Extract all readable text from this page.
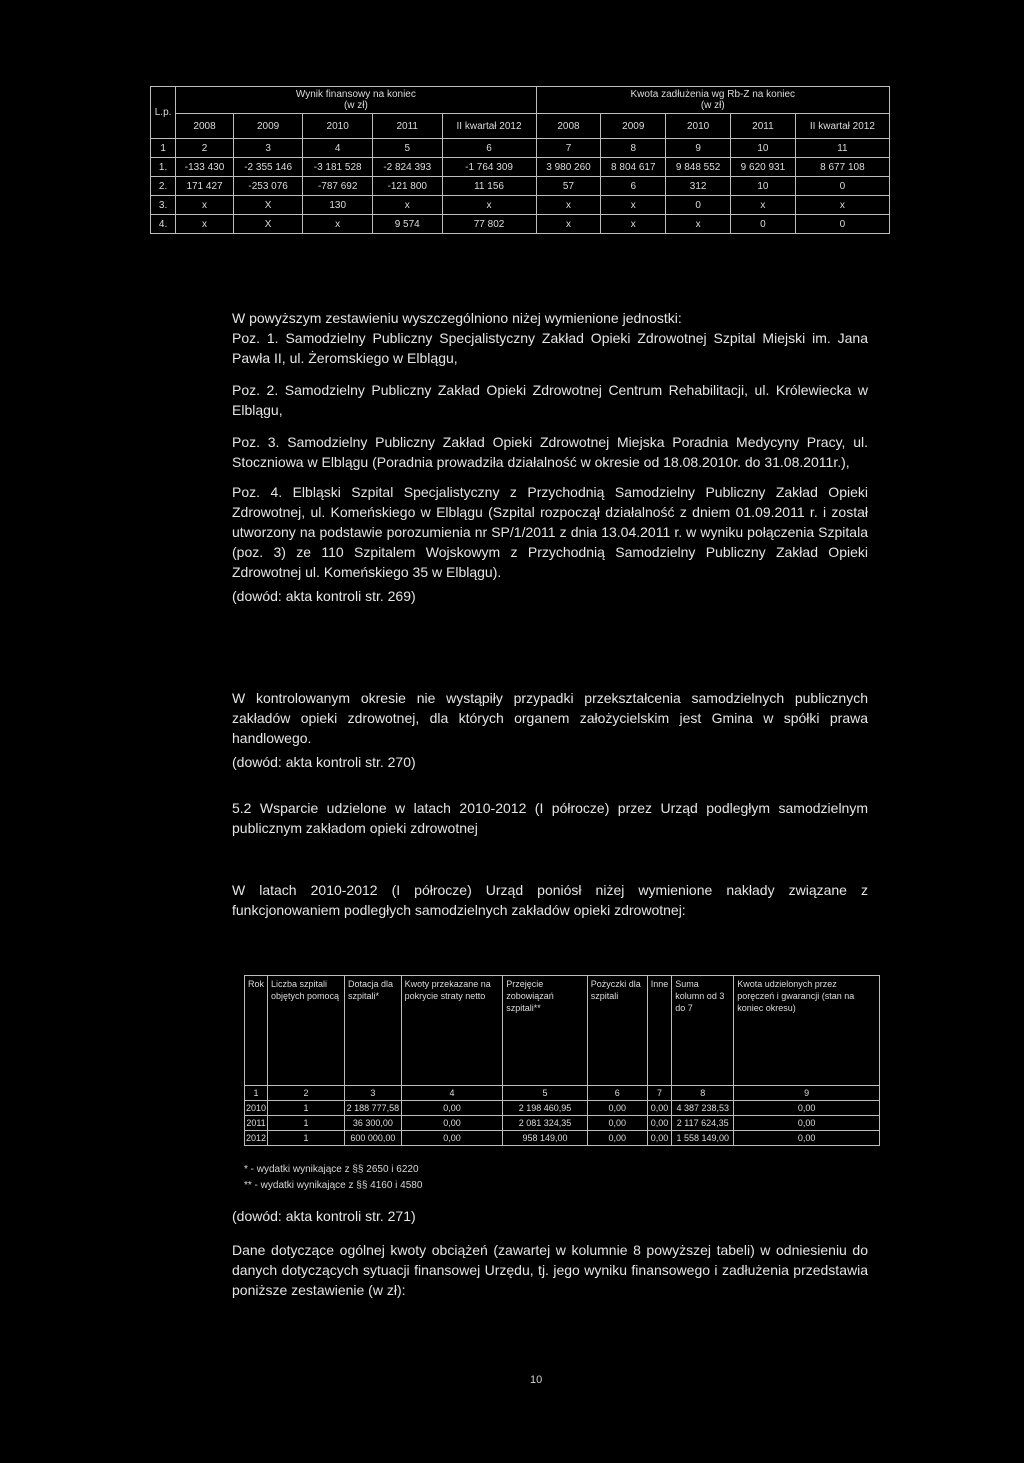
L.p.	Wynik finansowy na koniec
(w zł)					Kwota zadłużenia wg Rb-Z na koniec
(w zł)				
	2008	2009	2010	2011	II kwartał 2012	2008	2009	2010	2011	II kwartał 2012
1	2	3	4	5	6	7	8	9	10	11
1.	-133 430	-2 355 146	-3 181 528	-2 824 393	-1 764 309	3 980 260	8 804 617	9 848 552	9 620 931	8 677 108
2.	171 427	-253 076	-787 692	-121 800	11 156	57	6	312	10	0
3.	x	X	130	x	x	x	x	0	x	x
4.	x	X	x	9 574	77 802	x	x	x	0	0

W powyższym zestawieniu wyszczególniono niżej wymienione jednostki:

Poz. 1. Samodzielny Publiczny Specjalistyczny Zakład Opieki Zdrowotnej Szpital Miejski im. Jana Pawła II, ul. Żeromskiego w Elblągu,

Poz. 2. Samodzielny Publiczny Zakład Opieki Zdrowotnej Centrum Rehabilitacji, ul. Królewiecka w Elblągu,

Poz. 3. Samodzielny Publiczny Zakład Opieki Zdrowotnej Miejska Poradnia Medycyny Pracy, ul. Stoczniowa w Elblągu (Poradnia prowadziła działalność w okresie od 18.08.2010r. do 31.08.2011r.),

Poz. 4. Elbląski Szpital Specjalistyczny z Przychodnią Samodzielny Publiczny Zakład Opieki Zdrowotnej, ul. Komeńskiego w Elblągu (Szpital rozpoczął działalność z dniem 01.09.2011 r. i został utworzony na podstawie porozumienia nr SP/1/2011 z dnia 13.04.2011 r. w wyniku połączenia Szpitala (poz. 3) ze 110 Szpitalem Wojskowym z Przychodnią Samodzielny Publiczny Zakład Opieki Zdrowotnej ul. Komeńskiego 35 w Elblągu).

(dowód: akta kontroli str. 269)

W kontrolowanym okresie nie wystąpiły przypadki przekształcenia samodzielnych publicznych zakładów opieki zdrowotnej, dla których organem założycielskim jest Gmina w spółki prawa handlowego.

(dowód: akta kontroli str. 270)

5.2 Wsparcie udzielone w latach 2010-2012 (I półrocze) przez Urząd podległym samodzielnym publicznym zakładom opieki zdrowotnej

W latach 2010-2012 (I półrocze) Urząd poniósł niżej wymienione nakłady związane z funkcjonowaniem podległych samodzielnych zakładów opieki zdrowotnej:

Rok	Liczba szpitali objętych pomocą	Dotacja dla szpitali*	Kwoty przekazane na pokrycie straty netto	Przejęcie zobowiązań szpitali**	Pożyczki dla szpitali	Inne	Suma kolumn od 3 do 7	Kwota udzielonych przez poręczeń i gwarancji (stan na koniec okresu)
1	2	3	4	5	6	7	8	9
2010	1	2 188 777,58	0,00	2 198 460,95	0,00	0,00	4 387 238,53	0,00
2011	1	36 300,00	0,00	2 081 324,35	0,00	0,00	2 117 624,35	0,00
2012	1	600 000,00	0,00	958 149,00	0,00	0,00	1 558 149,00	0,00
* - wydatki wynikające z §§ 2650 i 6220
** - wydatki wynikające z §§ 4160 i 4580

(dowód: akta kontroli str. 271)

Dane dotyczące ogólnej kwoty obciążeń (zawartej w kolumnie 8 powyższej tabeli) w odniesieniu do danych dotyczących sytuacji finansowej Urzędu, tj. jego wyniku finansowego i zadłużenia przedstawia poniższe zestawienie (w zł):

10
